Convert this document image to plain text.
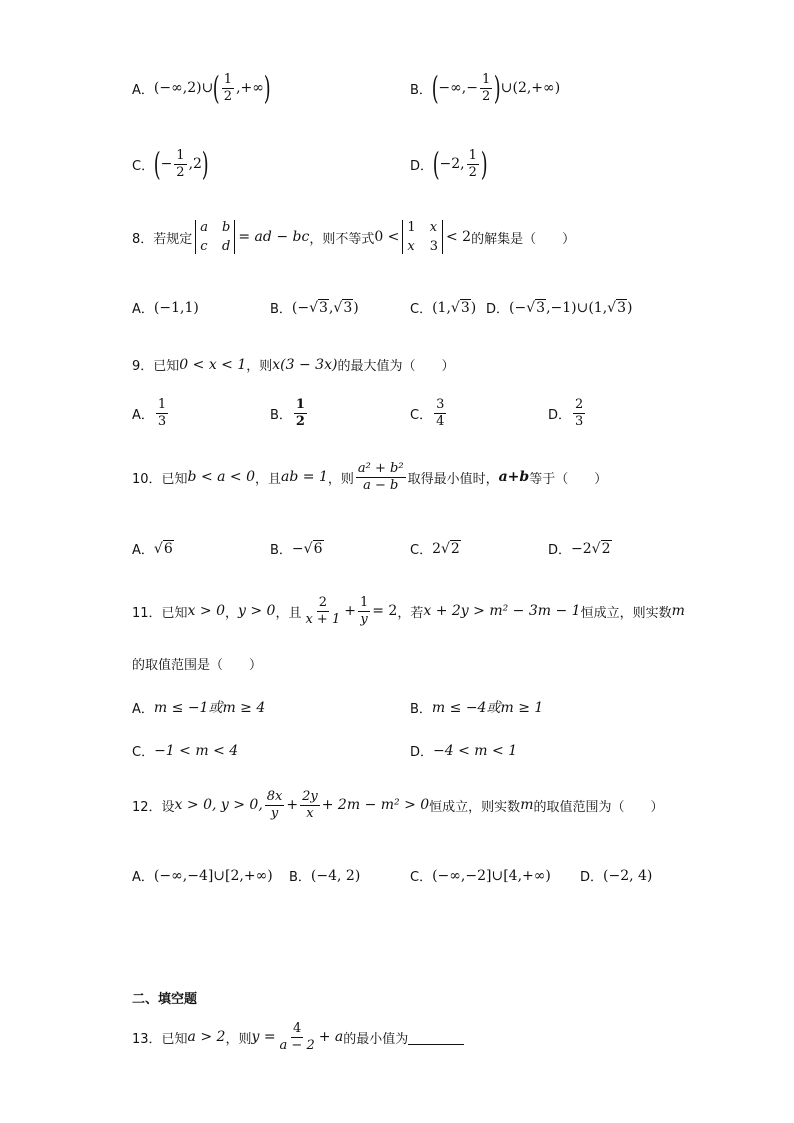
A． (−∞,2)∪ ( $\frac{1}{2}$ ,+∞ )	B． ( −∞,− $\frac{1}{2}$ ) ∪(2,+∞)
C． ( − $\frac{1}{2} ,2$ )	D． ( −2, $\frac{1}{2}$ )
8．若规定
a b
c d
= ad − bc ，则不等式 0 <
1 x
x 3
< 2 的解集是（　　）
A． (−1,1)	B． (− √3 , √3 )	C． (1, √3 ) D． (− √3 ,−1)∪(1, √3 )
9．已知 0 < x < 1 ，则 x(3 − 3x) 的最大值为（　　）
A． $\frac{1}{3}$	B． $\frac{1}{2}$	C． $\frac{3}{4}$	D． $\frac{2}{3}$
10．已知 b < a < 0 ，且 ab = 1 ，则 $\frac{\text{a² + b²}}{a - b}$ 取得最小值时， a+b 等于（　　）
A． √6	B． − √6	C． 2 √2	D． −2 √2
11．已知 x > 0 ， y > 0 ，且 $\frac{2}{x + 1} + \frac{1}{y} = 2$ ，若 x + 2y > m² − 3m − 1 恒成立，则实数 m
的取值范围是（　　）
A． m ≤ −1或m ≥ 4	B． m ≤ −4或m ≥ 1
C． −1 < m < 4	D． −4 < m < 1
12．设 x > 0, y > 0, $\frac{8x}{y} + \frac{2y}{x} + 2m - m^2 > 0$ 恒成立，则实数 m 的取值范围为（　　）
A． (−∞,−4]∪[2,+∞) B． (−4, 2)	C． (−∞,−2]∪[4,+∞) D． (−2, 4)
二、填空题
13．已知 a > 2 ，则 $y = \frac{4}{a - 2} + a$ 的最小值为
